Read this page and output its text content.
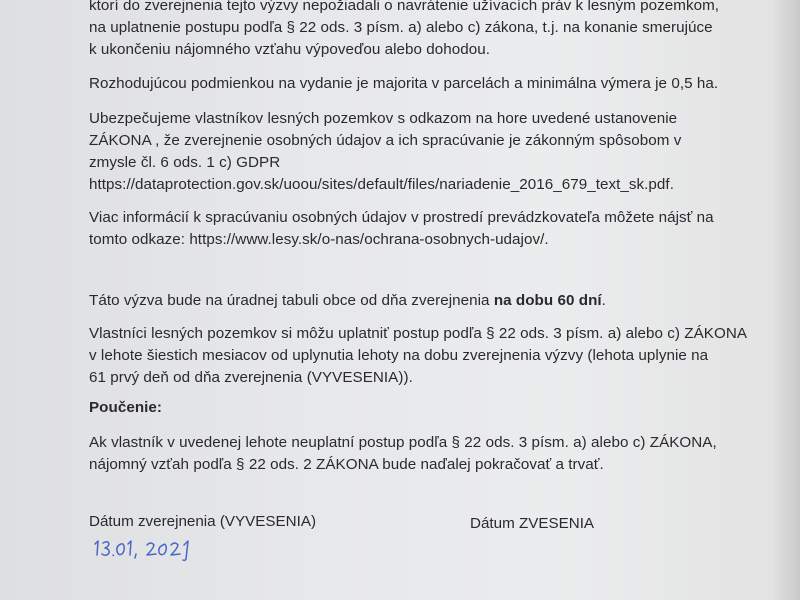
ktorí do zverejnenia tejto výzvy nepožiadali o navrátenie užívacích práv k lesným pozemkom,
na uplatnenie postupu podľa § 22 ods. 3 písm. a) alebo c) zákona, t.j. na konanie smerujúce
k ukončeniu nájomného vzťahu výpoveďou alebo dohodou.
Rozhodujúcou podmienkou na vydanie je majorita v parcelách a minimálna výmera je 0,5 ha.
Ubezpečujeme vlastníkov lesných pozemkov s odkazom na hore uvedené ustanovenie
ZÁKONA , že zverejnenie osobných údajov a ich spracúvanie je zákonným spôsobom v
zmysle čl. 6 ods. 1 c) GDPR
https://dataprotection.gov.sk/uoou/sites/default/files/nariadenie_2016_679_text_sk.pdf.
Viac informácií k spracúvaniu osobných údajov v prostredí prevádzkovateľa môžete nájsť na
tomto odkaze: https://www.lesy.sk/o-nas/ochrana-osobnych-udajov/.
Táto výzva bude na úradnej tabuli obce od dňa zverejnenia na dobu 60 dní.
Vlastníci lesných pozemkov si môžu uplatniť postup podľa § 22 ods. 3 písm. a) alebo c) ZÁKONA
v lehote šiestich mesiacov od uplynutia lehoty na dobu zverejnenia výzvy (lehota uplynie na
61 prvý deň od dňa zverejnenia (VYVESENIA)).
Poučenie:
Ak vlastník v uvedenej lehote neuplatní postup podľa § 22 ods. 3 písm. a) alebo c) ZÁKONA,
nájomný vzťah podľa § 22 ods. 2 ZÁKONA bude naďalej pokračovať a trvať.
Dátum zverejnenia (VYVESENIA)	Dátum ZVESENIA
